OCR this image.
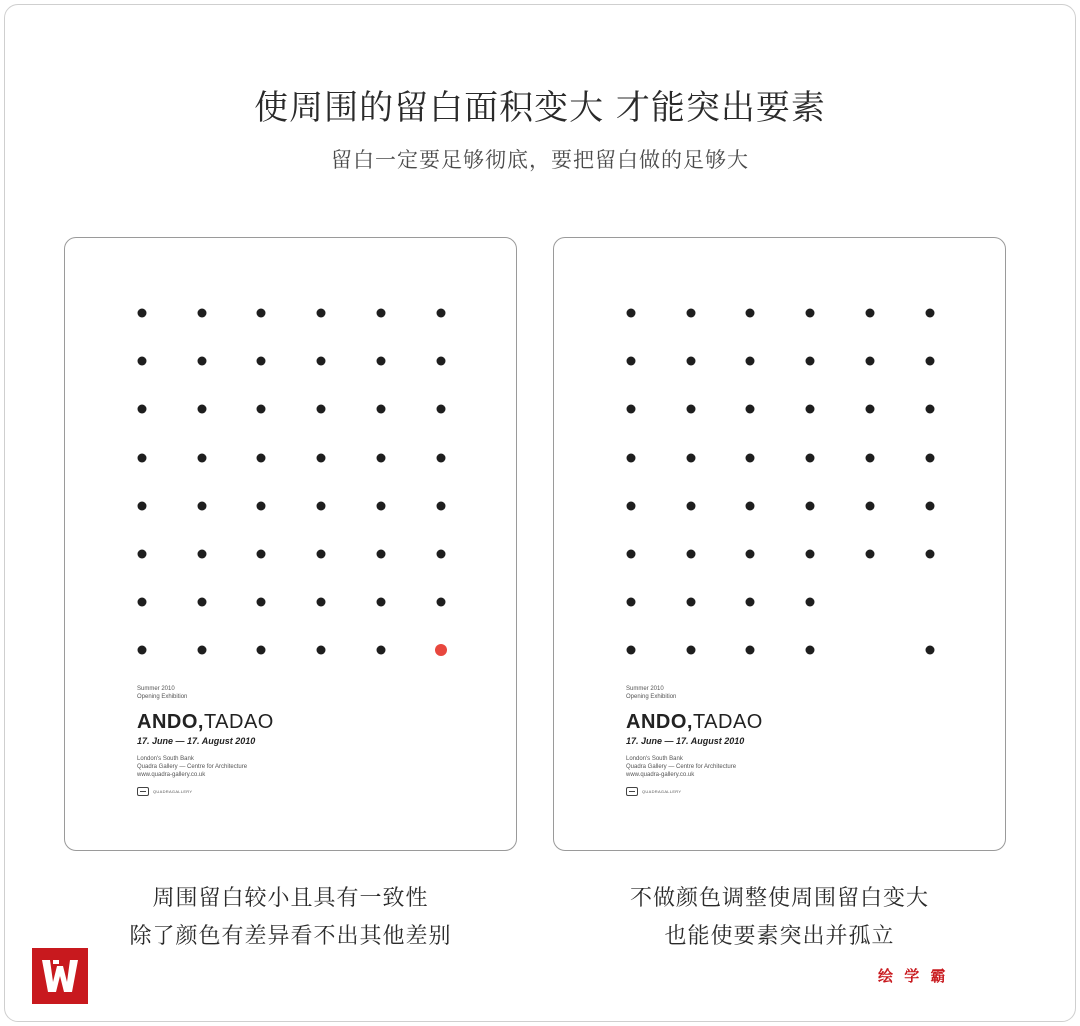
使周围的留白面积变大 才能突出要素
留白一定要足够彻底，要把留白做的足够大
Summer 2010
Opening Exhibition
ANDO,TADAO
17. June — 17. August 2010
London's South Bank
Quadra Gallery — Centre for Architecture
www.quadra-gallery.co.uk
QUADRAGALLERY
Summer 2010
Opening Exhibition
ANDO,TADAO
17. June — 17. August 2010
London's South Bank
Quadra Gallery — Centre for Architecture
www.quadra-gallery.co.uk
QUADRAGALLERY
周围留白较小且具有一致性
除了颜色有差异看不出其他差别
不做颜色调整使周围留白变大
也能使要素突出并孤立
绘 学 霸
